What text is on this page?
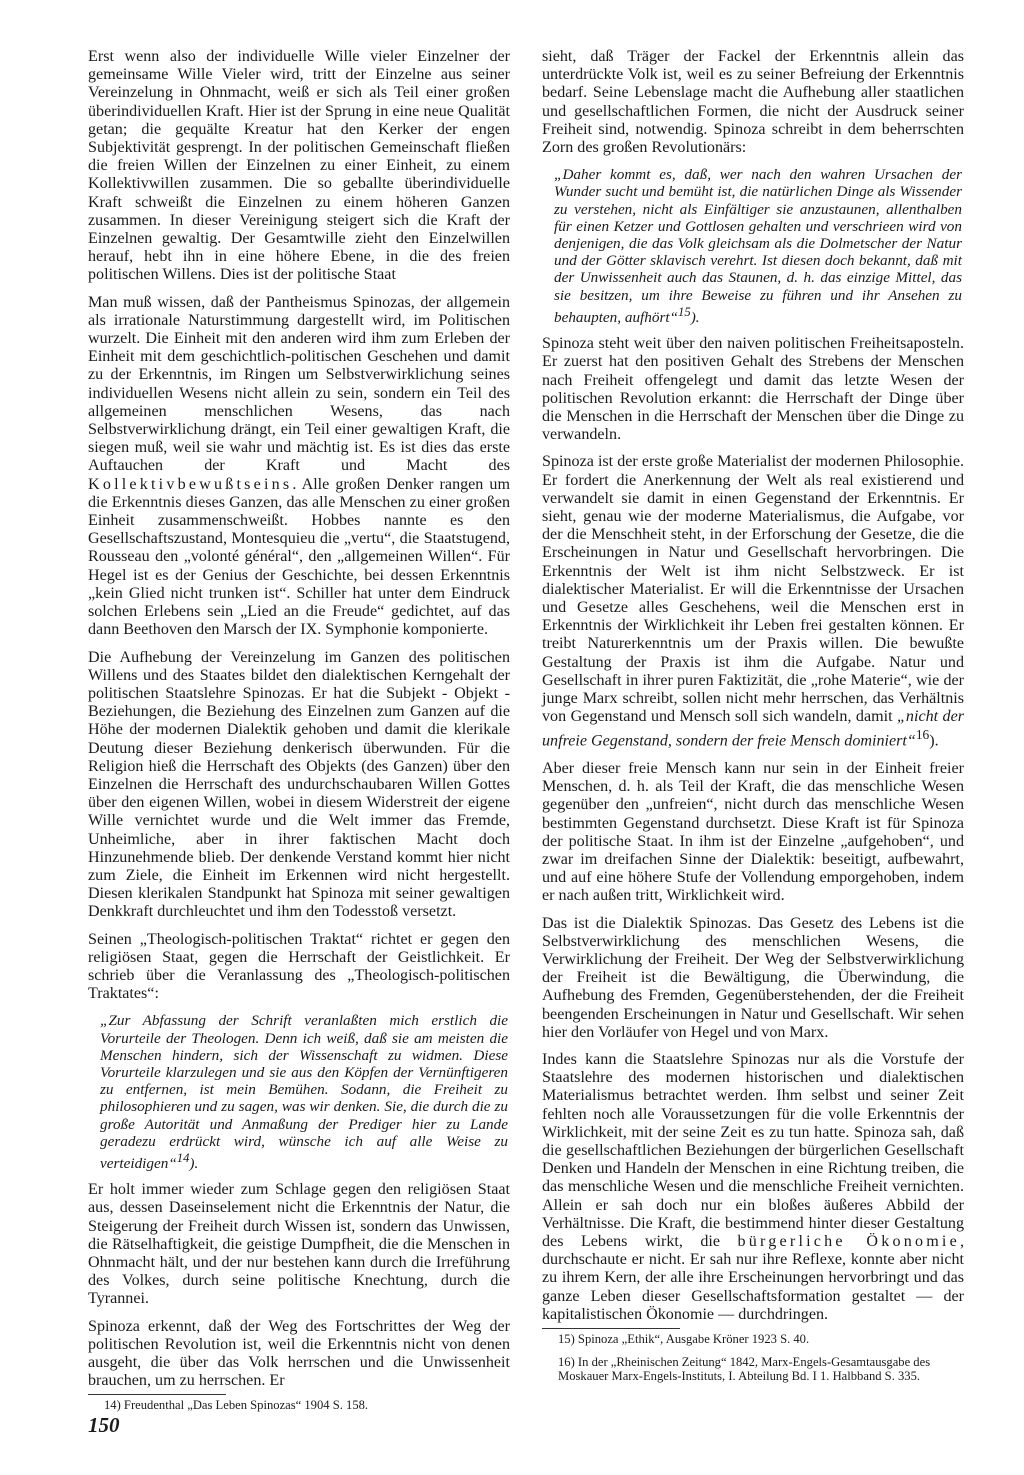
Erst wenn also der individuelle Wille vieler Einzelner der gemeinsame Wille Vieler wird, tritt der Einzelne aus seiner Vereinzelung in Ohnmacht, weiß er sich als Teil einer großen überindividuellen Kraft. Hier ist der Sprung in eine neue Qualität getan; die gequälte Kreatur hat den Kerker der engen Subjektivität gesprengt. In der politischen Gemeinschaft fließen die freien Willen der Einzelnen zu einer Einheit, zu einem Kollektivwillen zusammen. Die so geballte überindividuelle Kraft schweißt die Einzelnen zu einem höheren Ganzen zusammen. In dieser Vereinigung steigert sich die Kraft der Einzelnen gewaltig. Der Gesamtwille zieht den Einzelwillen herauf, hebt ihn in eine höhere Ebene, in die des freien politischen Willens. Dies ist der politische Staat

Man muß wissen, daß der Pantheismus Spinozas, der allgemein als irrationale Naturstimmung dargestellt wird, im Politischen wurzelt. Die Einheit mit den anderen wird ihm zum Erleben der Einheit mit dem geschichtlich-politischen Geschehen und damit zu der Erkenntnis, im Ringen um Selbstverwirklichung seines individuellen Wesens nicht allein zu sein, sondern ein Teil des allgemeinen menschlichen Wesens, das nach Selbstverwirklichung drängt, ein Teil einer gewaltigen Kraft, die siegen muß, weil sie wahr und mächtig ist. Es ist dies das erste Auftauchen der Kraft und Macht des Kollektivbewußtseins. Alle großen Denker rangen um die Erkenntnis dieses Ganzen, das alle Menschen zu einer großen Einheit zusammenschweißt. Hobbes nannte es den Gesellschaftszustand, Montesquieu die „vertu“, die Staatstugend, Rousseau den „volonté général“, den „allgemeinen Willen“. Für Hegel ist es der Genius der Geschichte, bei dessen Erkenntnis „kein Glied nicht trunken ist“. Schiller hat unter dem Eindruck solchen Erlebens sein „Lied an die Freude“ gedichtet, auf das dann Beethoven den Marsch der IX. Symphonie komponierte.

Die Aufhebung der Vereinzelung im Ganzen des politischen Willens und des Staates bildet den dialektischen Kerngehalt der politischen Staatslehre Spinozas. Er hat die Subjekt - Objekt - Beziehungen, die Beziehung des Einzelnen zum Ganzen auf die Höhe der modernen Dialektik gehoben und damit die klerikale Deutung dieser Beziehung denkerisch überwunden. Für die Religion hieß die Herrschaft des Objekts (des Ganzen) über den Einzelnen die Herrschaft des undurchschaubaren Willen Gottes über den eigenen Willen, wobei in diesem Widerstreit der eigene Wille vernichtet wurde und die Welt immer das Fremde, Unheimliche, aber in ihrer faktischen Macht doch Hinzunehmende blieb. Der denkende Verstand kommt hier nicht zum Ziele, die Einheit im Erkennen wird nicht hergestellt. Diesen klerikalen Standpunkt hat Spinoza mit seiner gewaltigen Denkkraft durchleuchtet und ihm den Todesstoß versetzt.

Seinen „Theologisch-politischen Traktat“ richtet er gegen den religiösen Staat, gegen die Herrschaft der Geistlichkeit. Er schrieb über die Veranlassung des „Theologisch-politischen Traktates“:

„Zur Abfassung der Schrift veranlaßten mich erstlich die Vorurteile der Theologen. Denn ich weiß, daß sie am meisten die Menschen hindern, sich der Wissenschaft zu widmen. Diese Vorurteile klarzulegen und sie aus den Köpfen der Vernünftigeren zu entfernen, ist mein Bemühen. Sodann, die Freiheit zu philosophieren und zu sagen, was wir denken. Sie, die durch die zu große Autorität und Anmaßung der Prediger hier zu Lande geradezu erdrückt wird, wünsche ich auf alle Weise zu verteidigen“$^{14}$).

Er holt immer wieder zum Schlage gegen den religiösen Staat aus, dessen Daseinselement nicht die Erkenntnis der Natur, die Steigerung der Freiheit durch Wissen ist, sondern das Unwissen, die Rätselhaftigkeit, die geistige Dumpfheit, die die Menschen in Ohnmacht hält, und der nur bestehen kann durch die Irreführung des Volkes, durch seine politische Knechtung, durch die Tyrannei.

Spinoza erkennt, daß der Weg des Fortschrittes der Weg der politischen Revolution ist, weil die Erkenntnis nicht von denen ausgeht, die über das Volk herrschen und die Unwissenheit brauchen, um zu herrschen. Er

14) Freudenthal „Das Leben Spinozas“ 1904 S. 158.

sieht, daß Träger der Fackel der Erkenntnis allein das unterdrückte Volk ist, weil es zu seiner Befreiung der Erkenntnis bedarf. Seine Lebenslage macht die Aufhebung aller staatlichen und gesellschaftlichen Formen, die nicht der Ausdruck seiner Freiheit sind, notwendig. Spinoza schreibt in dem beherrschten Zorn des großen Revolutionärs:

„Daher kommt es, daß, wer nach den wahren Ursachen der Wunder sucht und bemüht ist, die natürlichen Dinge als Wissender zu verstehen, nicht als Einfältiger sie anzustaunen, allenthalben für einen Ketzer und Gottlosen gehalten und verschrieen wird von denjenigen, die das Volk gleichsam als die Dolmetscher der Natur und der Götter sklavisch verehrt. Ist diesen doch bekannt, daß mit der Unwissenheit auch das Staunen, d. h. das einzige Mittel, das sie besitzen, um ihre Beweise zu führen und ihr Ansehen zu behaupten, aufhört“$^{15}$).

Spinoza steht weit über den naiven politischen Freiheitsaposteln. Er zuerst hat den positiven Gehalt des Strebens der Menschen nach Freiheit offengelegt und damit das letzte Wesen der politischen Revolution erkannt: die Herrschaft der Dinge über die Menschen in die Herrschaft der Menschen über die Dinge zu verwandeln.

Spinoza ist der erste große Materialist der modernen Philosophie. Er fordert die Anerkennung der Welt als real existierend und verwandelt sie damit in einen Gegenstand der Erkenntnis. Er sieht, genau wie der moderne Materialismus, die Aufgabe, vor der die Menschheit steht, in der Erforschung der Gesetze, die die Erscheinungen in Natur und Gesellschaft hervorbringen. Die Erkenntnis der Welt ist ihm nicht Selbstzweck. Er ist dialektischer Materialist. Er will die Erkenntnisse der Ursachen und Gesetze alles Geschehens, weil die Menschen erst in Erkenntnis der Wirklichkeit ihr Leben frei gestalten können. Er treibt Naturerkenntnis um der Praxis willen. Die bewußte Gestaltung der Praxis ist ihm die Aufgabe. Natur und Gesellschaft in ihrer puren Faktizität, die „rohe Materie“, wie der junge Marx schreibt, sollen nicht mehr herrschen, das Verhältnis von Gegenstand und Mensch soll sich wandeln, damit „nicht der unfreie Gegenstand, sondern der freie Mensch dominiert“$^{16}$).

Aber dieser freie Mensch kann nur sein in der Einheit freier Menschen, d. h. als Teil der Kraft, die das menschliche Wesen gegenüber den „unfreien“, nicht durch das menschliche Wesen bestimmten Gegenstand durchsetzt. Diese Kraft ist für Spinoza der politische Staat. In ihm ist der Einzelne „aufgehoben“, und zwar im dreifachen Sinne der Dialektik: beseitigt, aufbewahrt, und auf eine höhere Stufe der Vollendung emporgehoben, indem er nach außen tritt, Wirklichkeit wird.

Das ist die Dialektik Spinozas. Das Gesetz des Lebens ist die Selbstverwirklichung des menschlichen Wesens, die Verwirklichung der Freiheit. Der Weg der Selbstverwirklichung der Freiheit ist die Bewältigung, die Überwindung, die Aufhebung des Fremden, Gegenüberstehenden, der die Freiheit beengenden Erscheinungen in Natur und Gesellschaft. Wir sehen hier den Vorläufer von Hegel und von Marx.

Indes kann die Staatslehre Spinozas nur als die Vorstufe der Staatslehre des modernen historischen und dialektischen Materialismus betrachtet werden. Ihm selbst und seiner Zeit fehlten noch alle Voraussetzungen für die volle Erkenntnis der Wirklichkeit, mit der seine Zeit es zu tun hatte. Spinoza sah, daß die gesellschaftlichen Beziehungen der bürgerlichen Gesellschaft Denken und Handeln der Menschen in eine Richtung treiben, die das menschliche Wesen und die menschliche Freiheit vernichten. Allein er sah doch nur ein bloßes äußeres Abbild der Verhältnisse. Die Kraft, die bestimmend hinter dieser Gestaltung des Lebens wirkt, die bürgerliche Ökonomie, durchschaute er nicht. Er sah nur ihre Reflexe, konnte aber nicht zu ihrem Kern, der alle ihre Erscheinungen hervorbringt und das ganze Leben dieser Gesellschaftsformation gestaltet — der kapitalistischen Ökonomie — durchdringen.

15) Spinoza „Ethik“, Ausgabe Kröner 1923 S. 40.

16) In der „Rheinischen Zeitung“ 1842, Marx-Engels-Gesamtausgabe des Moskauer Marx-Engels-Instituts, I. Abteilung Bd. I 1. Halbband S. 335.

150
